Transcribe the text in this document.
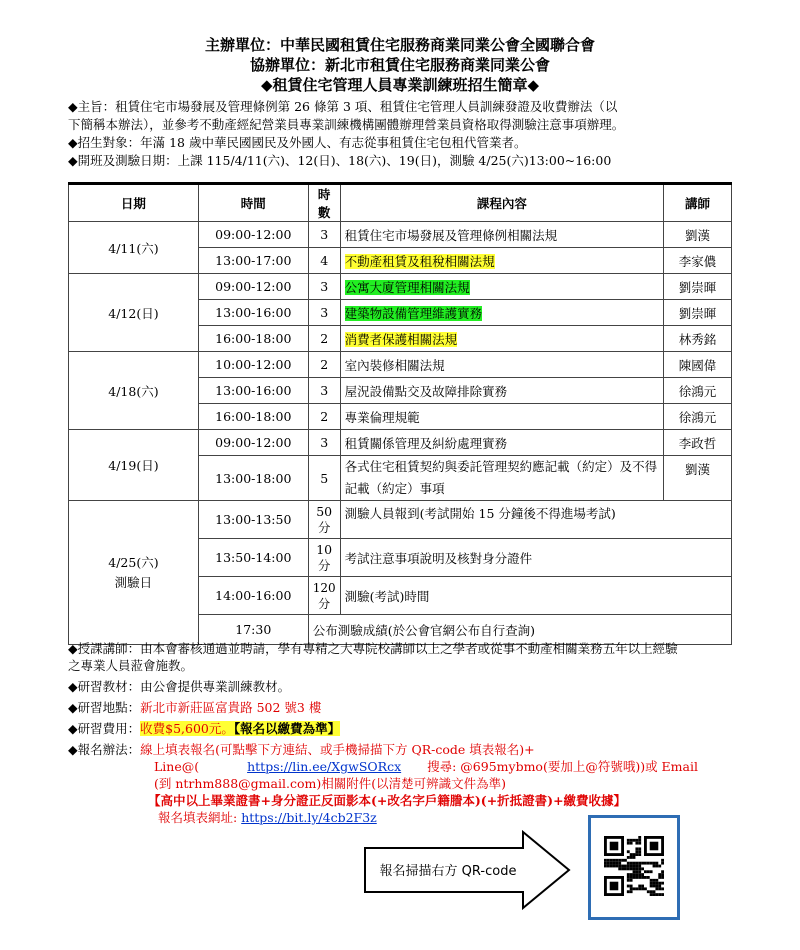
主辦單位：中華民國租賃住宅服務商業同業公會全國聯合會
協辦單位：新北市租賃住宅服務商業同業公會
◆租賃住宅管理人員專業訓練班招生簡章◆
◆主旨：租賃住宅市場發展及管理條例第 26 條第 3 項、租賃住宅管理人員訓練發證及收費辦法（以
下簡稱本辦法），並參考不動產經紀營業員專業訓練機構團體辦理營業員資格取得測驗注意事項辦理。
◆招生對象：年滿 18 歲中華民國國民及外國人、有志從事租賃住宅包租代管業者。
◆開班及測驗日期：上課 115/4/11(六)、12(日)、18(六)、19(日)，測驗 4/25(六)13:00~16:00
日期	時間	時數	課程內容	講師
4/11(六)	09:00-12:00	3	租賃住宅市場發展及管理條例相關法規	劉漢
	13:00-17:00	4	不動產租賃及租稅相關法規	李家儂
4/12(日)	09:00-12:00	3	公寓大廈管理相關法規	劉崇暉
	13:00-16:00	3	建築物設備管理維護實務	劉崇暉
	16:00-18:00	2	消費者保護相關法規	林秀銘
4/18(六)	10:00-12:00	2	室內裝修相關法規	陳國偉
	13:00-16:00	3	屋況設備點交及故障排除實務	徐鴻元
	16:00-18:00	2	專業倫理規範	徐鴻元
4/19(日)	09:00-12:00	3	租賃關係管理及糾紛處理實務	李政哲
	13:00-18:00	5	各式住宅租賃契約與委託管理契約應記載（約定）及不得記載（約定）事項	劉漢

4/25(六)
測驗日	13:00-13:50	50分	測驗人員報到(考試開始 15 分鐘後不得進場考試)	
	13:50-14:00	10分	考試注意事項說明及核對身分證件	
	14:00-16:00	120分	測驗(考試)時間	
	17:30	公布測驗成績(於公會官網公布自行查詢)		
◆授課講師：由本會審核通過並聘請，學有專精之大專院校講師以上之學者或從事不動產相關業務五年以上經驗
之專業人員蒞會施教。
◆研習教材：由公會提供專業訓練教材。
◆研習地點：新北市新莊區富貴路 502 號3 樓
◆研習費用：收費$5,600元。【報名以繳費為準】
◆報名辦法：線上填表報名(可點擊下方連結、或手機掃描下方 QR-code 填表報名)+
Line@(	https://lin.ee/XgwSORcx 搜尋: @695mybmo(要加上@符號哦))或 Email
(到 ntrhm888@gmail.com)相關附件(以清楚可辨識文件為準)
【高中以上畢業證書+身分證正反面影本(+改名字戶籍謄本)(+折抵證書)+繳費收據】
報名填表網址: https://bit.ly/4cb2F3z
報名掃描右方 QR-code
